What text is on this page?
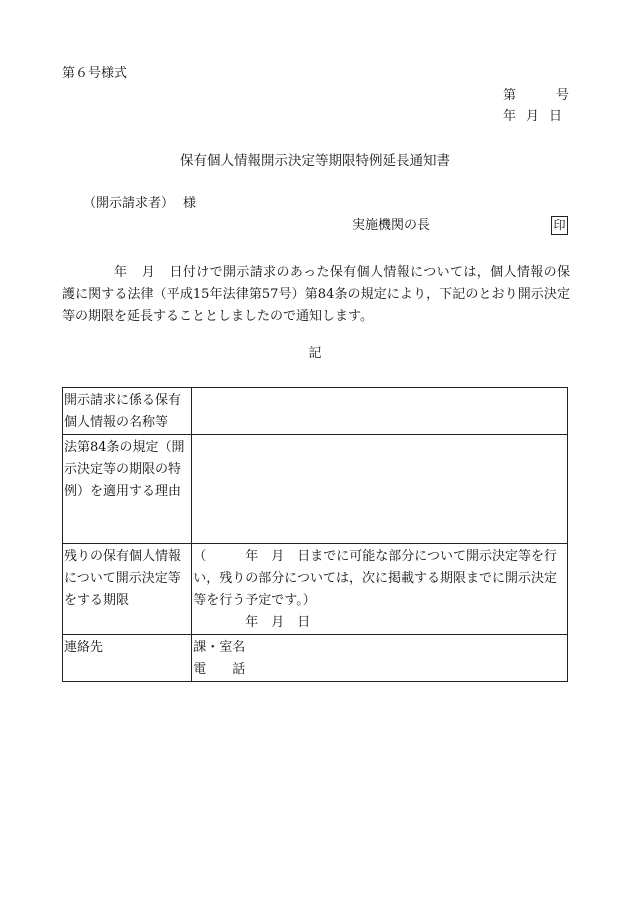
第６号様式
第	号
年 月 日
保有個人情報開示決定等期限特例延長通知書
（開示請求者） 様
実施機関の長	印
年 月 日付けで開示請求のあった保有個人情報については，個人情報の保護に関する法律（平成15年法律第57号）第84条の規定により，下記のとおり開示決定等の期限を延長することとしましたので通知します。
記
開示請求に係る保有個人情報の名称等	
法第84条の規定（開示決定等の期限の特例）を適用する理由	
残りの保有個人情報について開示決定等をする期限	（　　　年　月　日までに可能な部分について開示決定等を行い，残りの部分については，次に掲載する期限までに開示決定等を行う予定です。）
年　月　日

連絡先	課・室名
電 話
